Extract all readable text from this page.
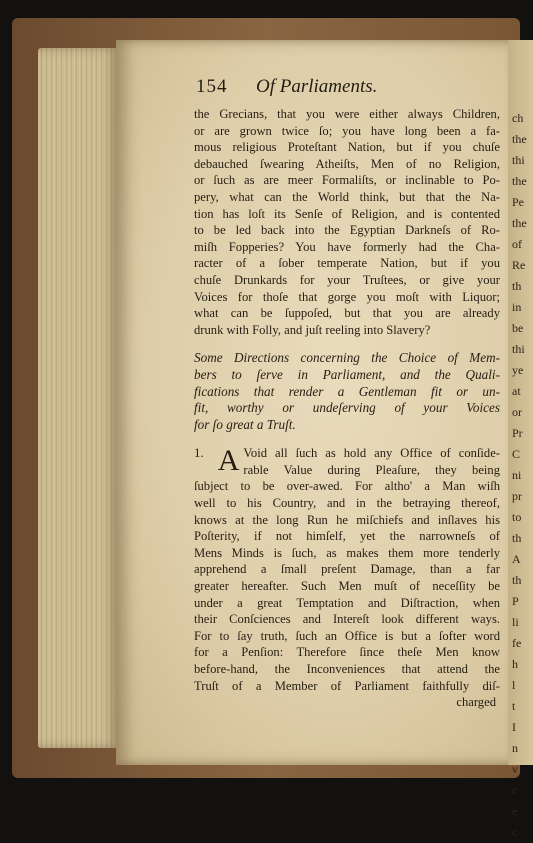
154 Of Parliaments.
the Grecians, that you were either always Children,
or are grown twice ſo; you have long been a fa-
mous religious Proteſtant Nation, but if you chuſe
debauched ſwearing Atheiſts, Men of no Religion,
or ſuch as are meer Formaliſts, or inclinable to Po-
pery, what can the World think, but that the Na-
tion has loſt its Senſe of Religion, and is contented
to be led back into the Egyptian Darkneſs of Ro-
miſh Fopperies? You have formerly had the Cha-
racter of a ſober temperate Nation, but if you
chuſe Drunkards for your Truſtees, or give your
Voices for thoſe that gorge you moſt with Liquor;
what can be ſuppoſed, but that you are already
drunk with Folly, and juſt reeling into Slavery?
Some Directions concerning the Choice of Mem-
bers to ſerve in Parliament, and the Quali-
fications that render a Gentleman fit or un-
fit, worthy or undeſerving of your Voices
for ſo great a Truſt.
1. A Void all ſuch as hold any Office of conſide-
rable Value during Pleaſure, they being
ſubject to be over-awed. For altho' a Man wiſh
well to his Country, and in the betraying thereof,
knows at the long Run he miſchiefs and inſlaves his
Poſterity, if not himſelf, yet the narrowneſs of
Mens Minds is ſuch, as makes them more tenderly
apprehend a ſmall preſent Damage, than a far
greater hereafter. Such Men muſt of neceſſity be
under a great Temptation and Diſtraction, when
their Conſciences and Intereſt look different ways.
For to ſay truth, ſuch an Office is but a ſofter word
for a Penſion: Therefore ſince theſe Men know
before-hand, the Inconveniences that attend the
Truſt of a Member of Parliament faithfully diſ-
charged
ch
the
thi
the
Pe
the
of
Re
th
in
be
thi
ye
at
or
Pr
C
ni
pr
to
th
A
th
P
li
fe
h
l
t
I
n
v
c
e
c
